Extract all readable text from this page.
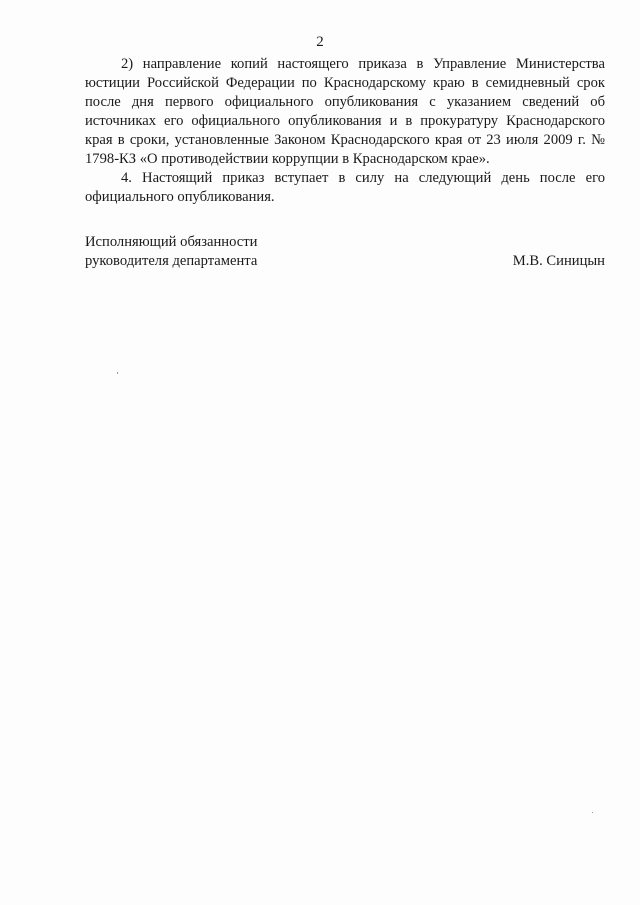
2

2) направление копий настоящего приказа в Управление Министерства юстиции Российской Федерации по Краснодарскому краю в семидневный срок после дня первого официального опубликования с указанием сведений об источниках его официального опубликования и в прокуратуру Краснодарского края в сроки, установленные Законом Краснодарского края от 23 июля 2009 г. № 1798-КЗ «О противодействии коррупции в Краснодарском крае».

4. Настоящий приказ вступает в силу на следующий день после его официального опубликования.

Исполняющий обязанности
руководителя департамента	М.В. Синицын
